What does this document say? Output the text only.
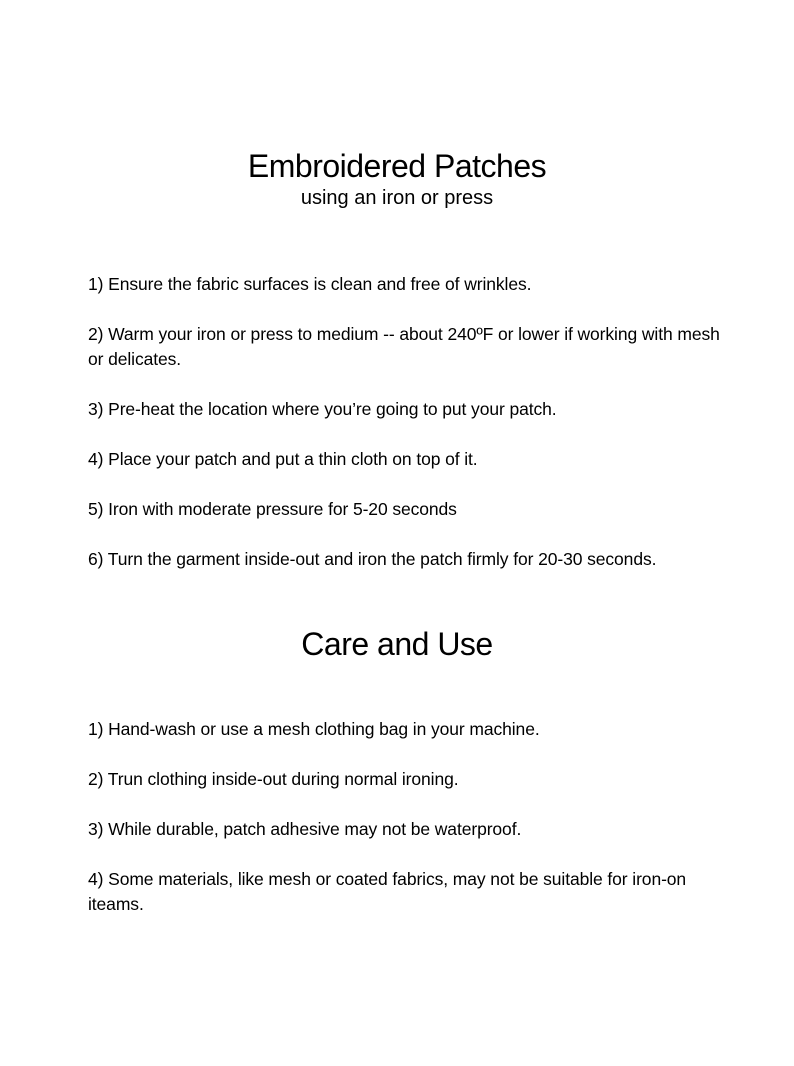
Embroidered Patches

using an iron or press

1) Ensure the fabric surfaces is clean and free of wrinkles.
2) Warm your iron or press to medium -- about 240ºF or lower if working with mesh or delicates.
3) Pre-heat the location where you’re going to put your patch.
4) Place your patch and put a thin cloth on top of it.
5) Iron with moderate pressure for 5-20 seconds
6) Turn the garment inside-out and iron the patch firmly for 20-30 seconds.
Care and Use
1) Hand-wash or use a mesh clothing bag in your machine.
2) Trun clothing inside-out during normal ironing.
3) While durable, patch adhesive may not be waterproof.
4) Some materials, like mesh or coated fabrics, may not be suitable for iron-on iteams.
